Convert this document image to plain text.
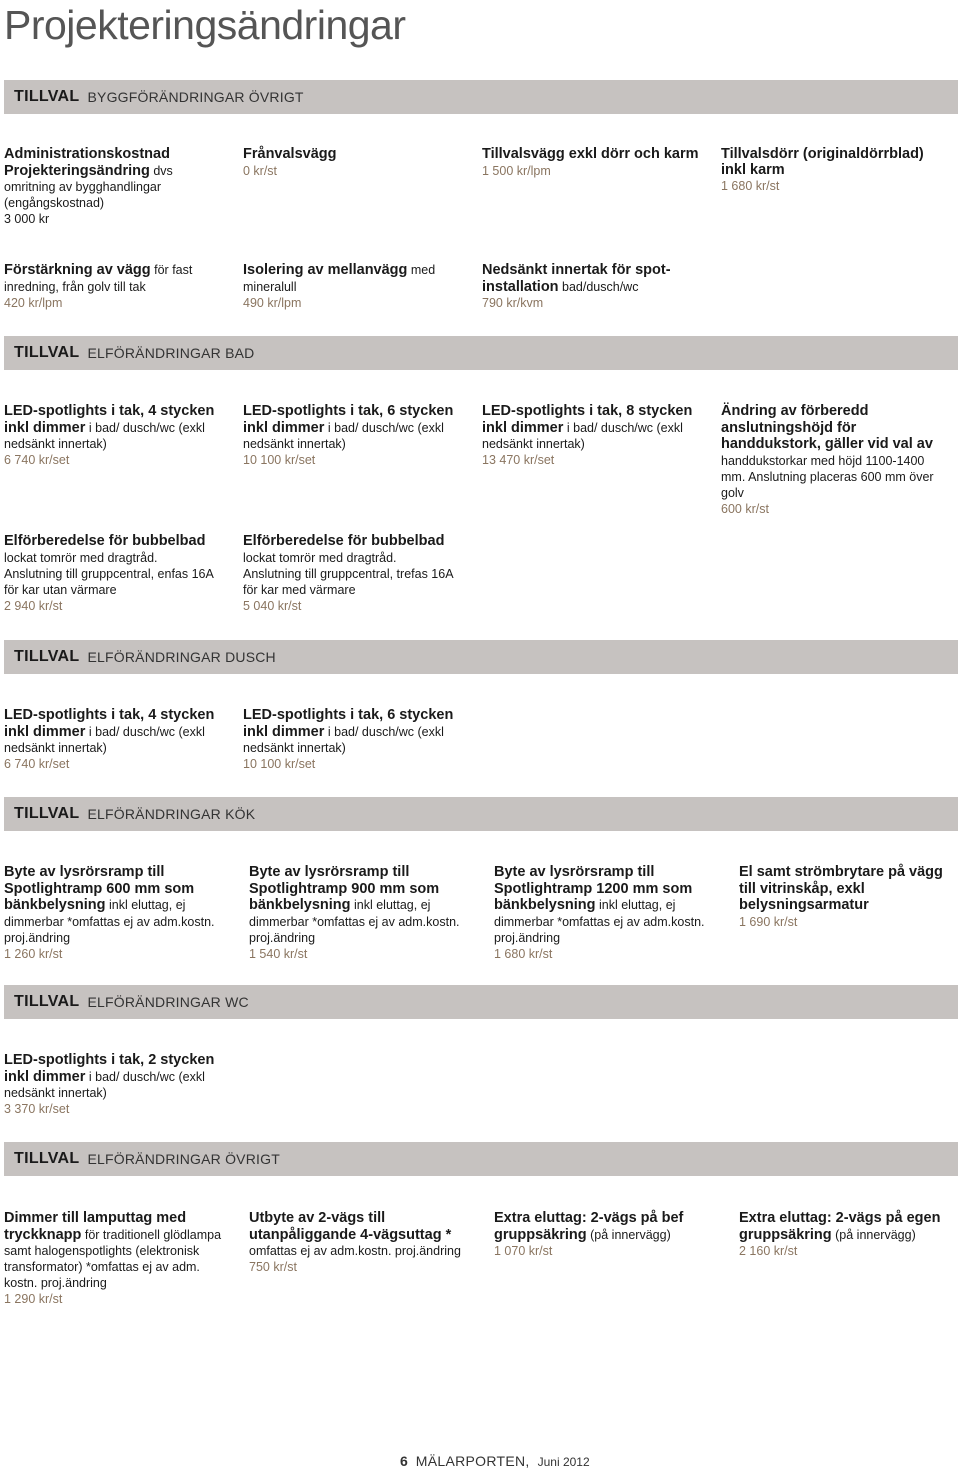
Projekteringsändringar
TILLVAL BYGGFÖRÄNDRINGAR ÖVRIGT
Administrationskostnad
Projekteringsändring dvs
omritning av bygghandlingar
(engångskostnad)
3 000 kr
Frånvalsvägg
0 kr/st
Tillvalsvägg exkl dörr och karm
1 500 kr/lpm
Tillvalsdörr (originaldörrblad) inkl karm
1 680 kr/st
Förstärkning av vägg för fast inredning, från golv till tak
420 kr/lpm
Isolering av mellanvägg med mineralull
490 kr/lpm
Nedsänkt innertak för spot-installation bad/dusch/wc
790 kr/kvm
TILLVAL ELFÖRÄNDRINGAR BAD
LED-spotlights i tak, 4 stycken inkl dimmer i bad/ dusch/wc (exkl nedsänkt innertak)
6 740 kr/set
LED-spotlights i tak, 6 stycken inkl dimmer i bad/ dusch/wc (exkl nedsänkt innertak)
10 100 kr/set
LED-spotlights i tak, 8 stycken inkl dimmer i bad/ dusch/wc (exkl nedsänkt innertak)
13 470 kr/set
Ändring av förberedd anslutningshöjd för handdukstork, gäller vid val av handdukstorkar med höjd 1100-1400 mm. Anslutning placeras 600 mm över golv
600 kr/st
Elförberedelse för bubbelbad
lockat tomrör med dragtråd.
Anslutning till gruppcentral, enfas 16A
för kar utan värmare
2 940 kr/st
Elförberedelse för bubbelbad
lockat tomrör med dragtråd.
Anslutning till gruppcentral, trefas 16A
för kar med värmare
5 040 kr/st
TILLVAL ELFÖRÄNDRINGAR DUSCH
LED-spotlights i tak, 4 stycken inkl dimmer i bad/ dusch/wc (exkl nedsänkt innertak)
6 740 kr/set
LED-spotlights i tak, 6 stycken inkl dimmer i bad/ dusch/wc (exkl nedsänkt innertak)
10 100 kr/set
TILLVAL ELFÖRÄNDRINGAR KÖK
Byte av lysrörsramp till Spotlightramp 600 mm som bänkbelysning inkl eluttag, ej dimmerbar *omfattas ej av adm.kostn. proj.ändring
1 260 kr/st
Byte av lysrörsramp till Spotlightramp 900 mm som bänkbelysning inkl eluttag, ej dimmerbar *omfattas ej av adm.kostn. proj.ändring
1 540 kr/st
Byte av lysrörsramp till Spotlightramp 1200 mm som bänkbelysning inkl eluttag, ej dimmerbar *omfattas ej av adm.kostn. proj.ändring
1 680 kr/st
El samt strömbrytare på vägg till vitrinskåp, exkl belysningsarmatur
1 690 kr/st
TILLVAL ELFÖRÄNDRINGAR WC
LED-spotlights i tak, 2 stycken inkl dimmer i bad/ dusch/wc (exkl nedsänkt innertak)
3 370 kr/set
TILLVAL ELFÖRÄNDRINGAR ÖVRIGT
Dimmer till lamputtag med tryckknapp för traditionell glödlampa samt halogenspotlights (elektronisk transformator) *omfattas ej av adm. kostn. proj.ändring
1 290 kr/st
Utbyte av 2-vägs till utanpåliggande 4-vägsuttag * omfattas ej av adm.kostn. proj.ändring
750 kr/st
Extra eluttag: 2-vägs på bef gruppsäkring (på innervägg)
1 070 kr/st
Extra eluttag: 2-vägs på egen gruppsäkring (på innervägg)
2 160 kr/st
6 MÄLARPORTEN, Juni 2012
